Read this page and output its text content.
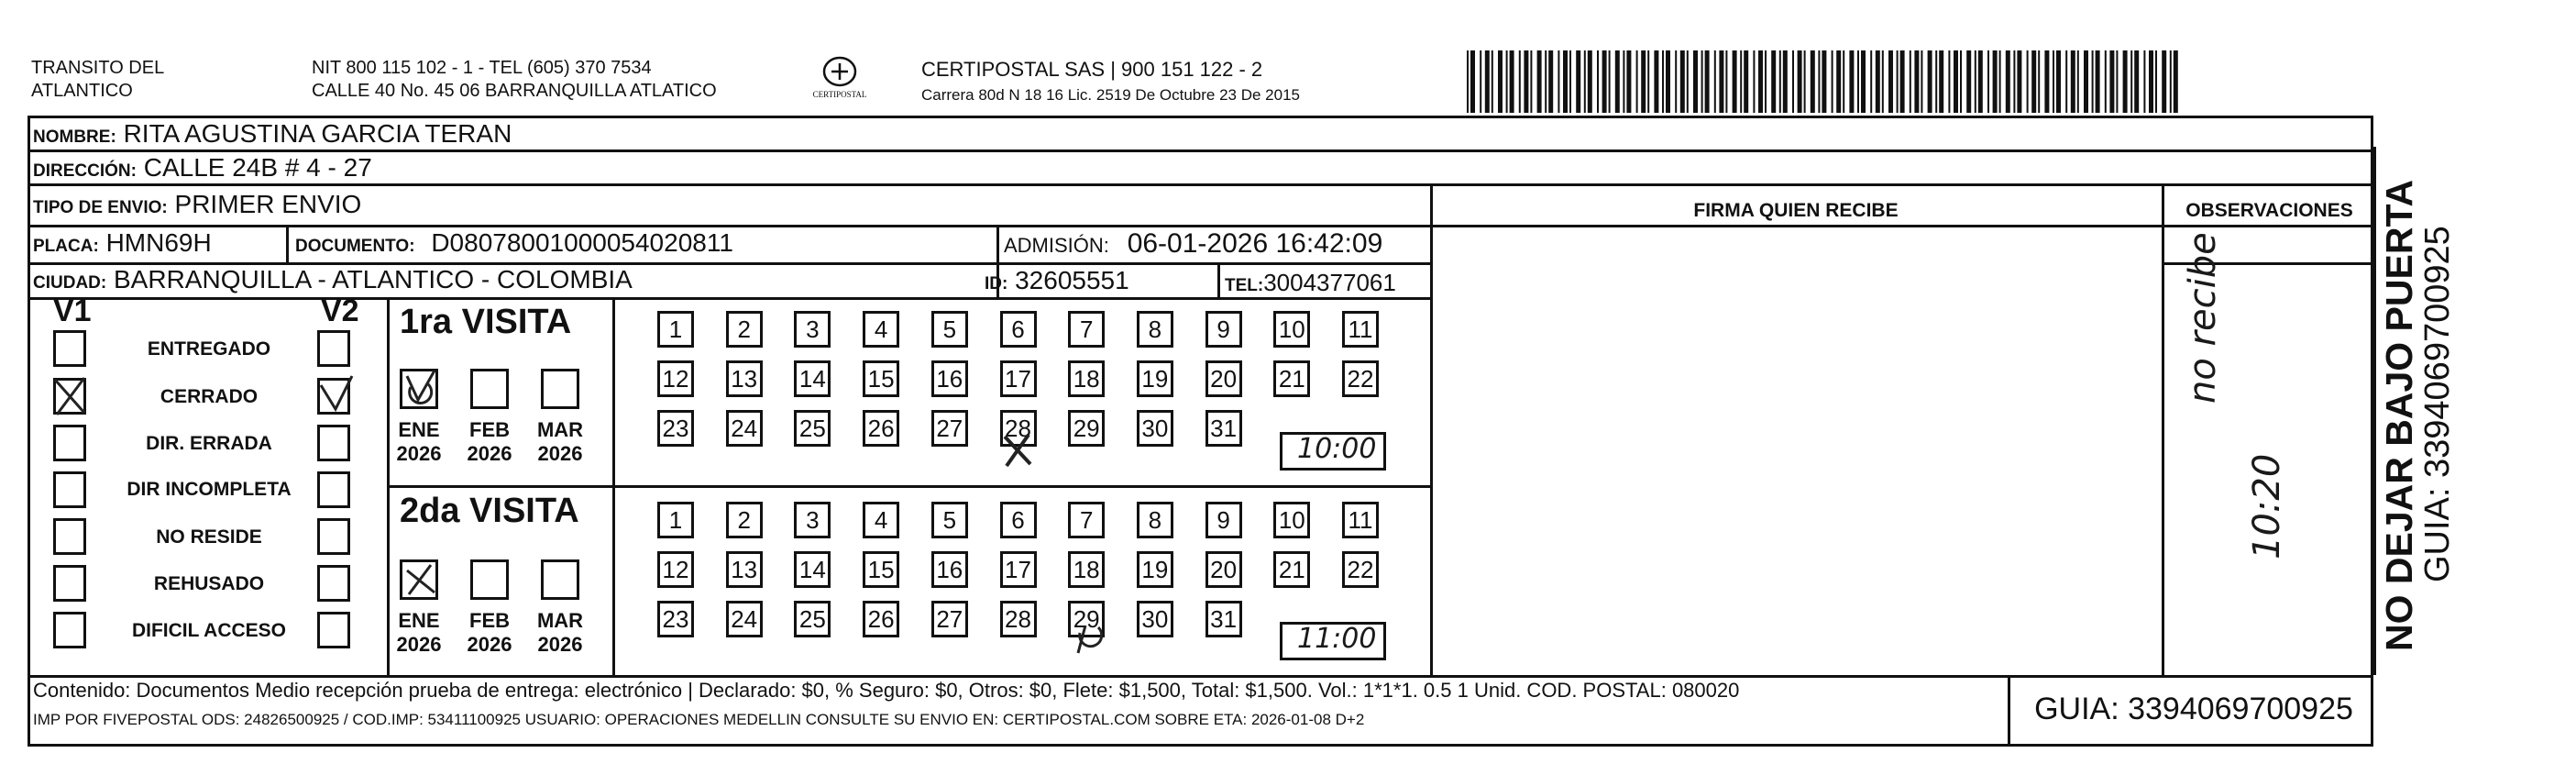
TRANSITO DEL
ATLANTICO
NIT 800 115 102 - 1 - TEL (605) 370 7534
CALLE 40 No. 45 06 BARRANQUILLA ATLATICO	CERTIPOSTAL
CERTIPOSTAL SAS | 900 151 122 - 2
Carrera 80d N 18 16 Lic. 2519 De Octubre 23 De 2015
NOMBRE: RITA AGUSTINA GARCIA TERAN
DIRECCIÓN: CALLE 24B # 4 - 27
TIPO DE ENVIO: PRIMER ENVIO
PLACA: HMN69H	DOCUMENTO: D08078001000054020811	ADMISIÓN: 06-01-2026 16:42:09
CIUDAD: BARRANQUILLA - ATLANTICO - COLOMBIA	ID: 32605551	TEL:3004377061
FIRMA QUIEN RECIBE	OBSERVACIONES
V1	V2
ENTREGADO
CERRADO
DIR. ERRADA
DIR INCOMPLETA
NO RESIDE
REHUSADO
DIFICIL ACCESO
1ra VISITA
2da VISITA
ENE
2026
FEB
2026
MAR
2026
ENE
2026
FEB
2026
MAR
2026
1	2	3	4	5	6	7	8	9	10 11
12 13 14 15 16 17 18 19 20 21 22
23 24 25 26 27 28 29 30 31
1	2	3	4	5	6	7	8	9	10 11
12 13 14 15 16 17 18 19 20 21 22
23 24 25 26 27 28 29 30 31
10:00
11:00
no recibe
10:20 NO DEJAR BAJO PUERTA
GUIA: 3394069700925
Contenido: Documentos Medio recepción prueba de entrega: electrónico | Declarado: $0, % Seguro: $0, Otros: $0, Flete: $1,500, Total: $1,500. Vol.: 1*1*1. 0.5 1 Unid. COD. POSTAL: 080020
IMP POR FIVEPOSTAL ODS: 24826500925 / COD.IMP: 53411100925 USUARIO: OPERACIONES MEDELLIN CONSULTE SU ENVIO EN: CERTIPOSTAL.COM SOBRE ETA: 2026-01-08 D+2	GUIA: 3394069700925
